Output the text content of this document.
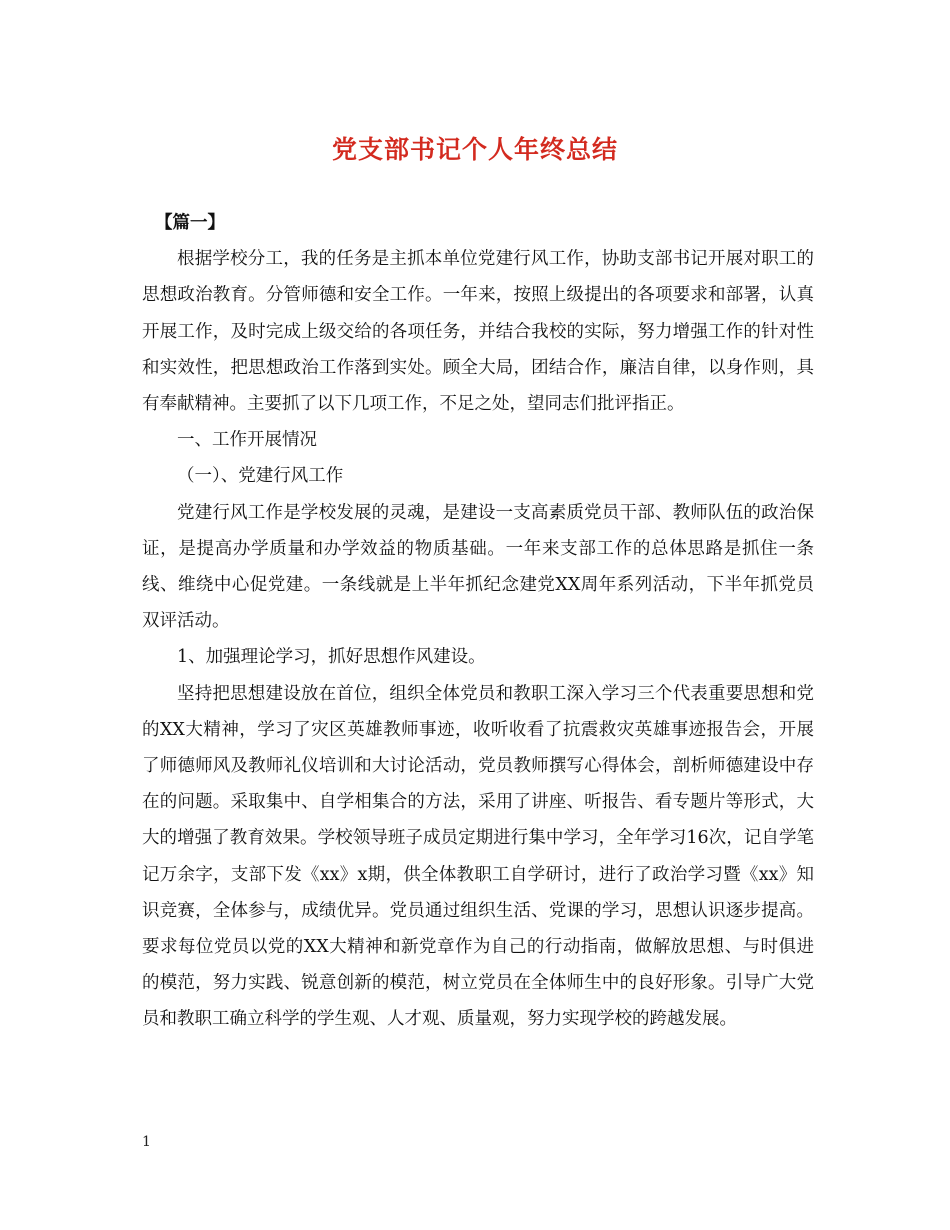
党支部书记个人年终总结

【篇一】

根据学校分工，我的任务是主抓本单位党建行风工作，协助支部书记开展对职工的思想政治教育。分管师德和安全工作。一年来，按照上级提出的各项要求和部署，认真开展工作，及时完成上级交给的各项任务，并结合我校的实际，努力增强工作的针对性和实效性，把思想政治工作落到实处。顾全大局，团结合作，廉洁自律，以身作则，具有奉献精神。主要抓了以下几项工作，不足之处，望同志们批评指正。

一、工作开展情况

（一）、党建行风工作

党建行风工作是学校发展的灵魂，是建设一支高素质党员干部、教师队伍的政治保证，是提高办学质量和办学效益的物质基础。一年来支部工作的总体思路是抓住一条线、维绕中心促党建。一条线就是上半年抓纪念建党XX周年系列活动，下半年抓党员双评活动。

1、加强理论学习，抓好思想作风建设。

坚持把思想建设放在首位，组织全体党员和教职工深入学习三个代表重要思想和党的XX大精神，学习了灾区英雄教师事迹，收听收看了抗震救灾英雄事迹报告会，开展了师德师风及教师礼仪培训和大讨论活动，党员教师撰写心得体会，剖析师德建设中存在的问题。采取集中、自学相集合的方法，采用了讲座、听报告、看专题片等形式，大大的增强了教育效果。学校领导班子成员定期进行集中学习，全年学习16次，记自学笔记万余字，支部下发《xx》x期，供全体教职工自学研讨，进行了政治学习暨《xx》知识竞赛，全体参与，成绩优异。党员通过组织生活、党课的学习，思想认识逐步提高。要求每位党员以党的XX大精神和新党章作为自己的行动指南，做解放思想、与时俱进的模范，努力实践、锐意创新的模范，树立党员在全体师生中的良好形象。引导广大党员和教职工确立科学的学生观、人才观、质量观，努力实现学校的跨越发展。

1
